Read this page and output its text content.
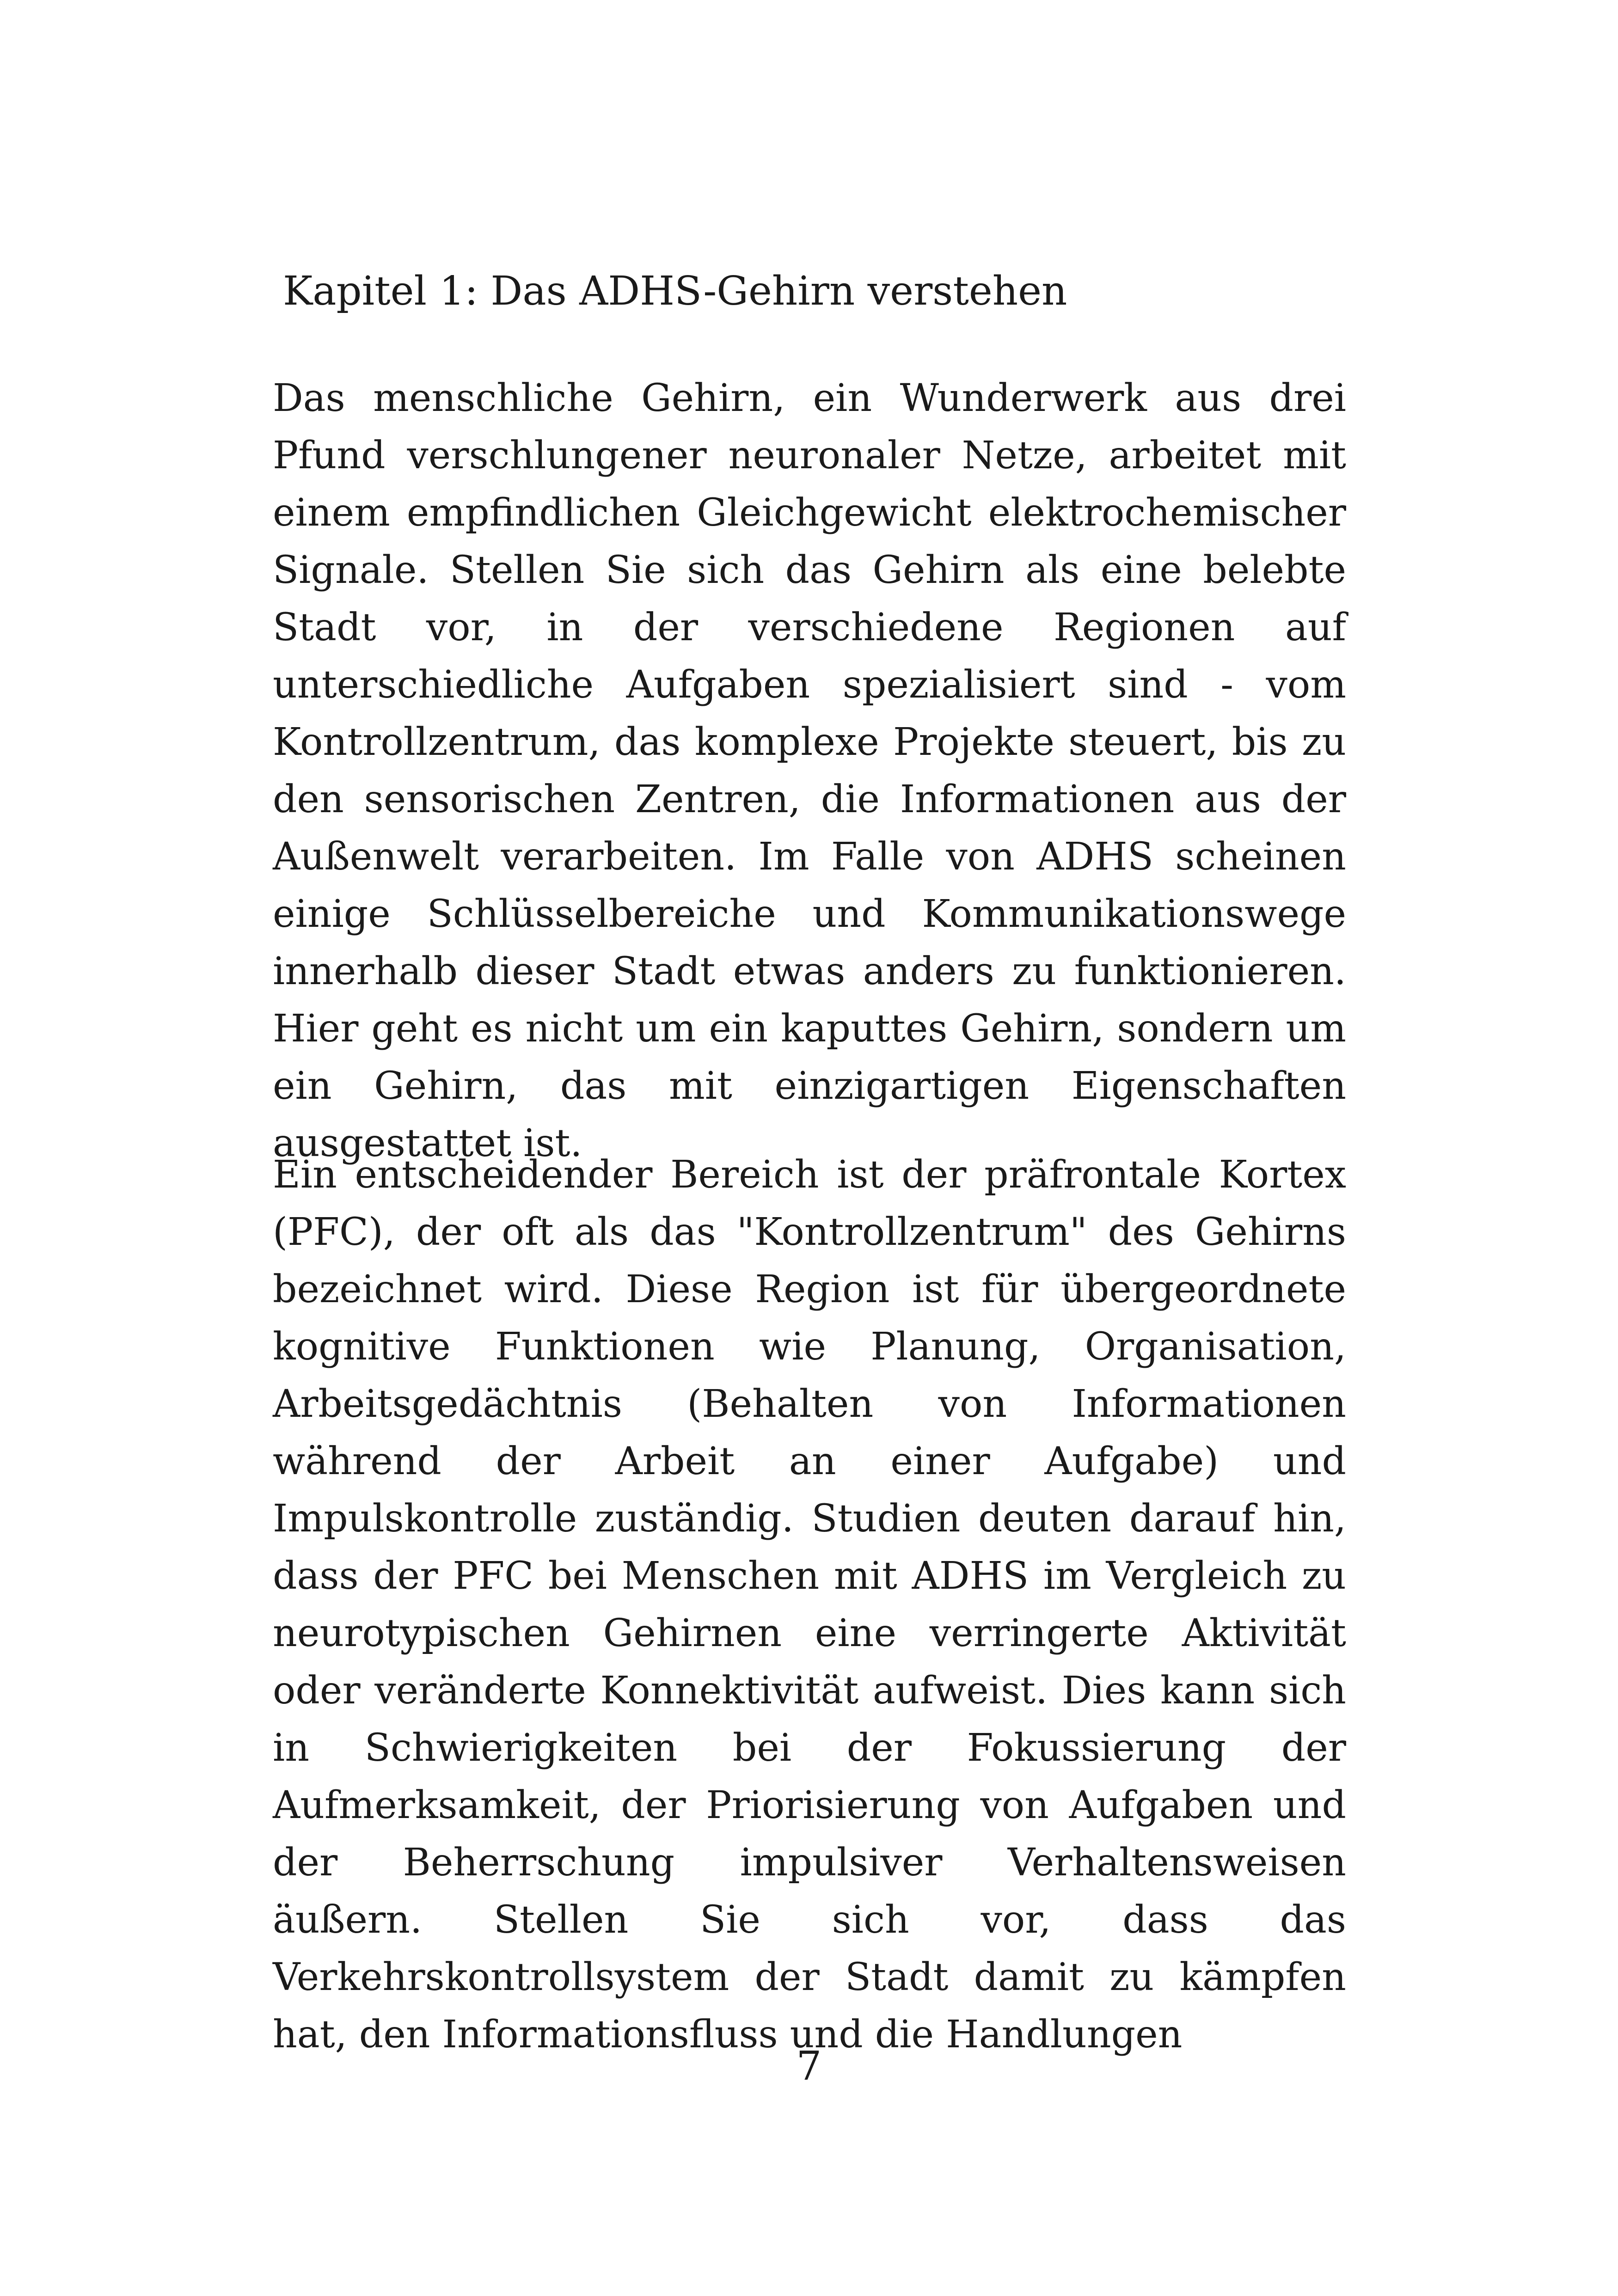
Kapitel 1: Das ADHS-Gehirn verstehen

Das menschliche Gehirn, ein Wunderwerk aus drei Pfund verschlungener neuronaler Netze, arbeitet mit einem empfindlichen Gleichgewicht elektrochemischer Signale. Stellen Sie sich das Gehirn als eine belebte Stadt vor, in der verschiedene Regionen auf unterschiedliche Aufgaben spezialisiert sind - vom Kontrollzentrum, das komplexe Projekte steuert, bis zu den sensorischen Zentren, die Informationen aus der Außenwelt verarbeiten. Im Falle von ADHS scheinen einige Schlüsselbereiche und Kommunikationswege innerhalb dieser Stadt etwas anders zu funktionieren. Hier geht es nicht um ein kaputtes Gehirn, sondern um ein Gehirn, das mit einzigartigen Eigenschaften ausgestattet ist.

Ein entscheidender Bereich ist der präfrontale Kortex (PFC), der oft als das "Kontrollzentrum" des Gehirns bezeichnet wird. Diese Region ist für übergeordnete kognitive Funktionen wie Planung, Organisation, Arbeitsgedächtnis (Behalten von Informationen während der Arbeit an einer Aufgabe) und Impulskontrolle zuständig. Studien deuten darauf hin, dass der PFC bei Menschen mit ADHS im Vergleich zu neurotypischen Gehirnen eine verringerte Aktivität oder veränderte Konnektivität aufweist. Dies kann sich in Schwierigkeiten bei der Fokussierung der Aufmerksamkeit, der Priorisierung von Aufgaben und der Beherrschung impulsiver Verhaltensweisen äußern. Stellen Sie sich vor, dass das Verkehrskontrollsystem der Stadt damit zu kämpfen hat, den Informationsfluss und die Handlungen

7
